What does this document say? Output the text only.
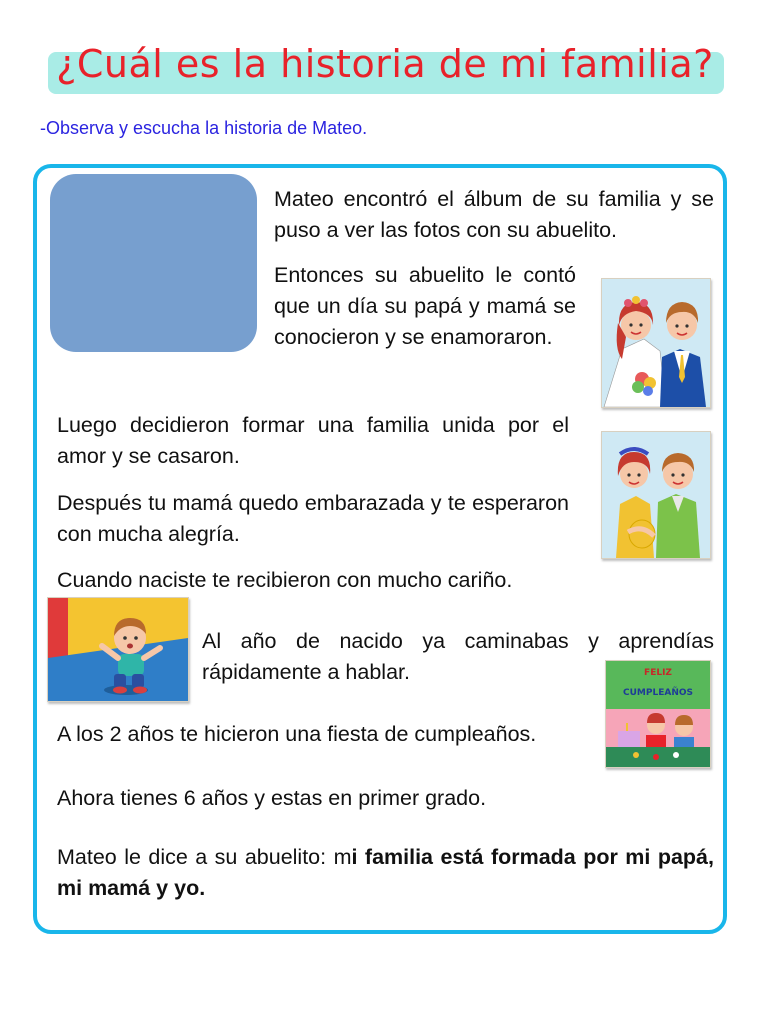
¿Cuál es la historia de mi familia?
-Observa y escucha la historia de Mateo.
Mateo encontró el álbum de su familia y se puso a ver las fotos con su abuelito.
Entonces su abuelito le contó que un día su papá y mamá se conocieron y se enamoraron.
Luego decidieron formar una familia unida por el amor y se casaron.
Después tu mamá quedo embarazada y te esperaron con mucha alegría.
Cuando naciste te recibieron con mucho cariño.
Al año de nacido ya caminabas y aprendías rápidamente a hablar.
A los 2 años te hicieron una fiesta de cumpleaños.
Ahora tienes 6 años y estas en primer grado.
Mateo le dice a su abuelito: mi familia está formada por mi papá, mi mamá y yo.
FELIZ
CUMPLEAÑOS
